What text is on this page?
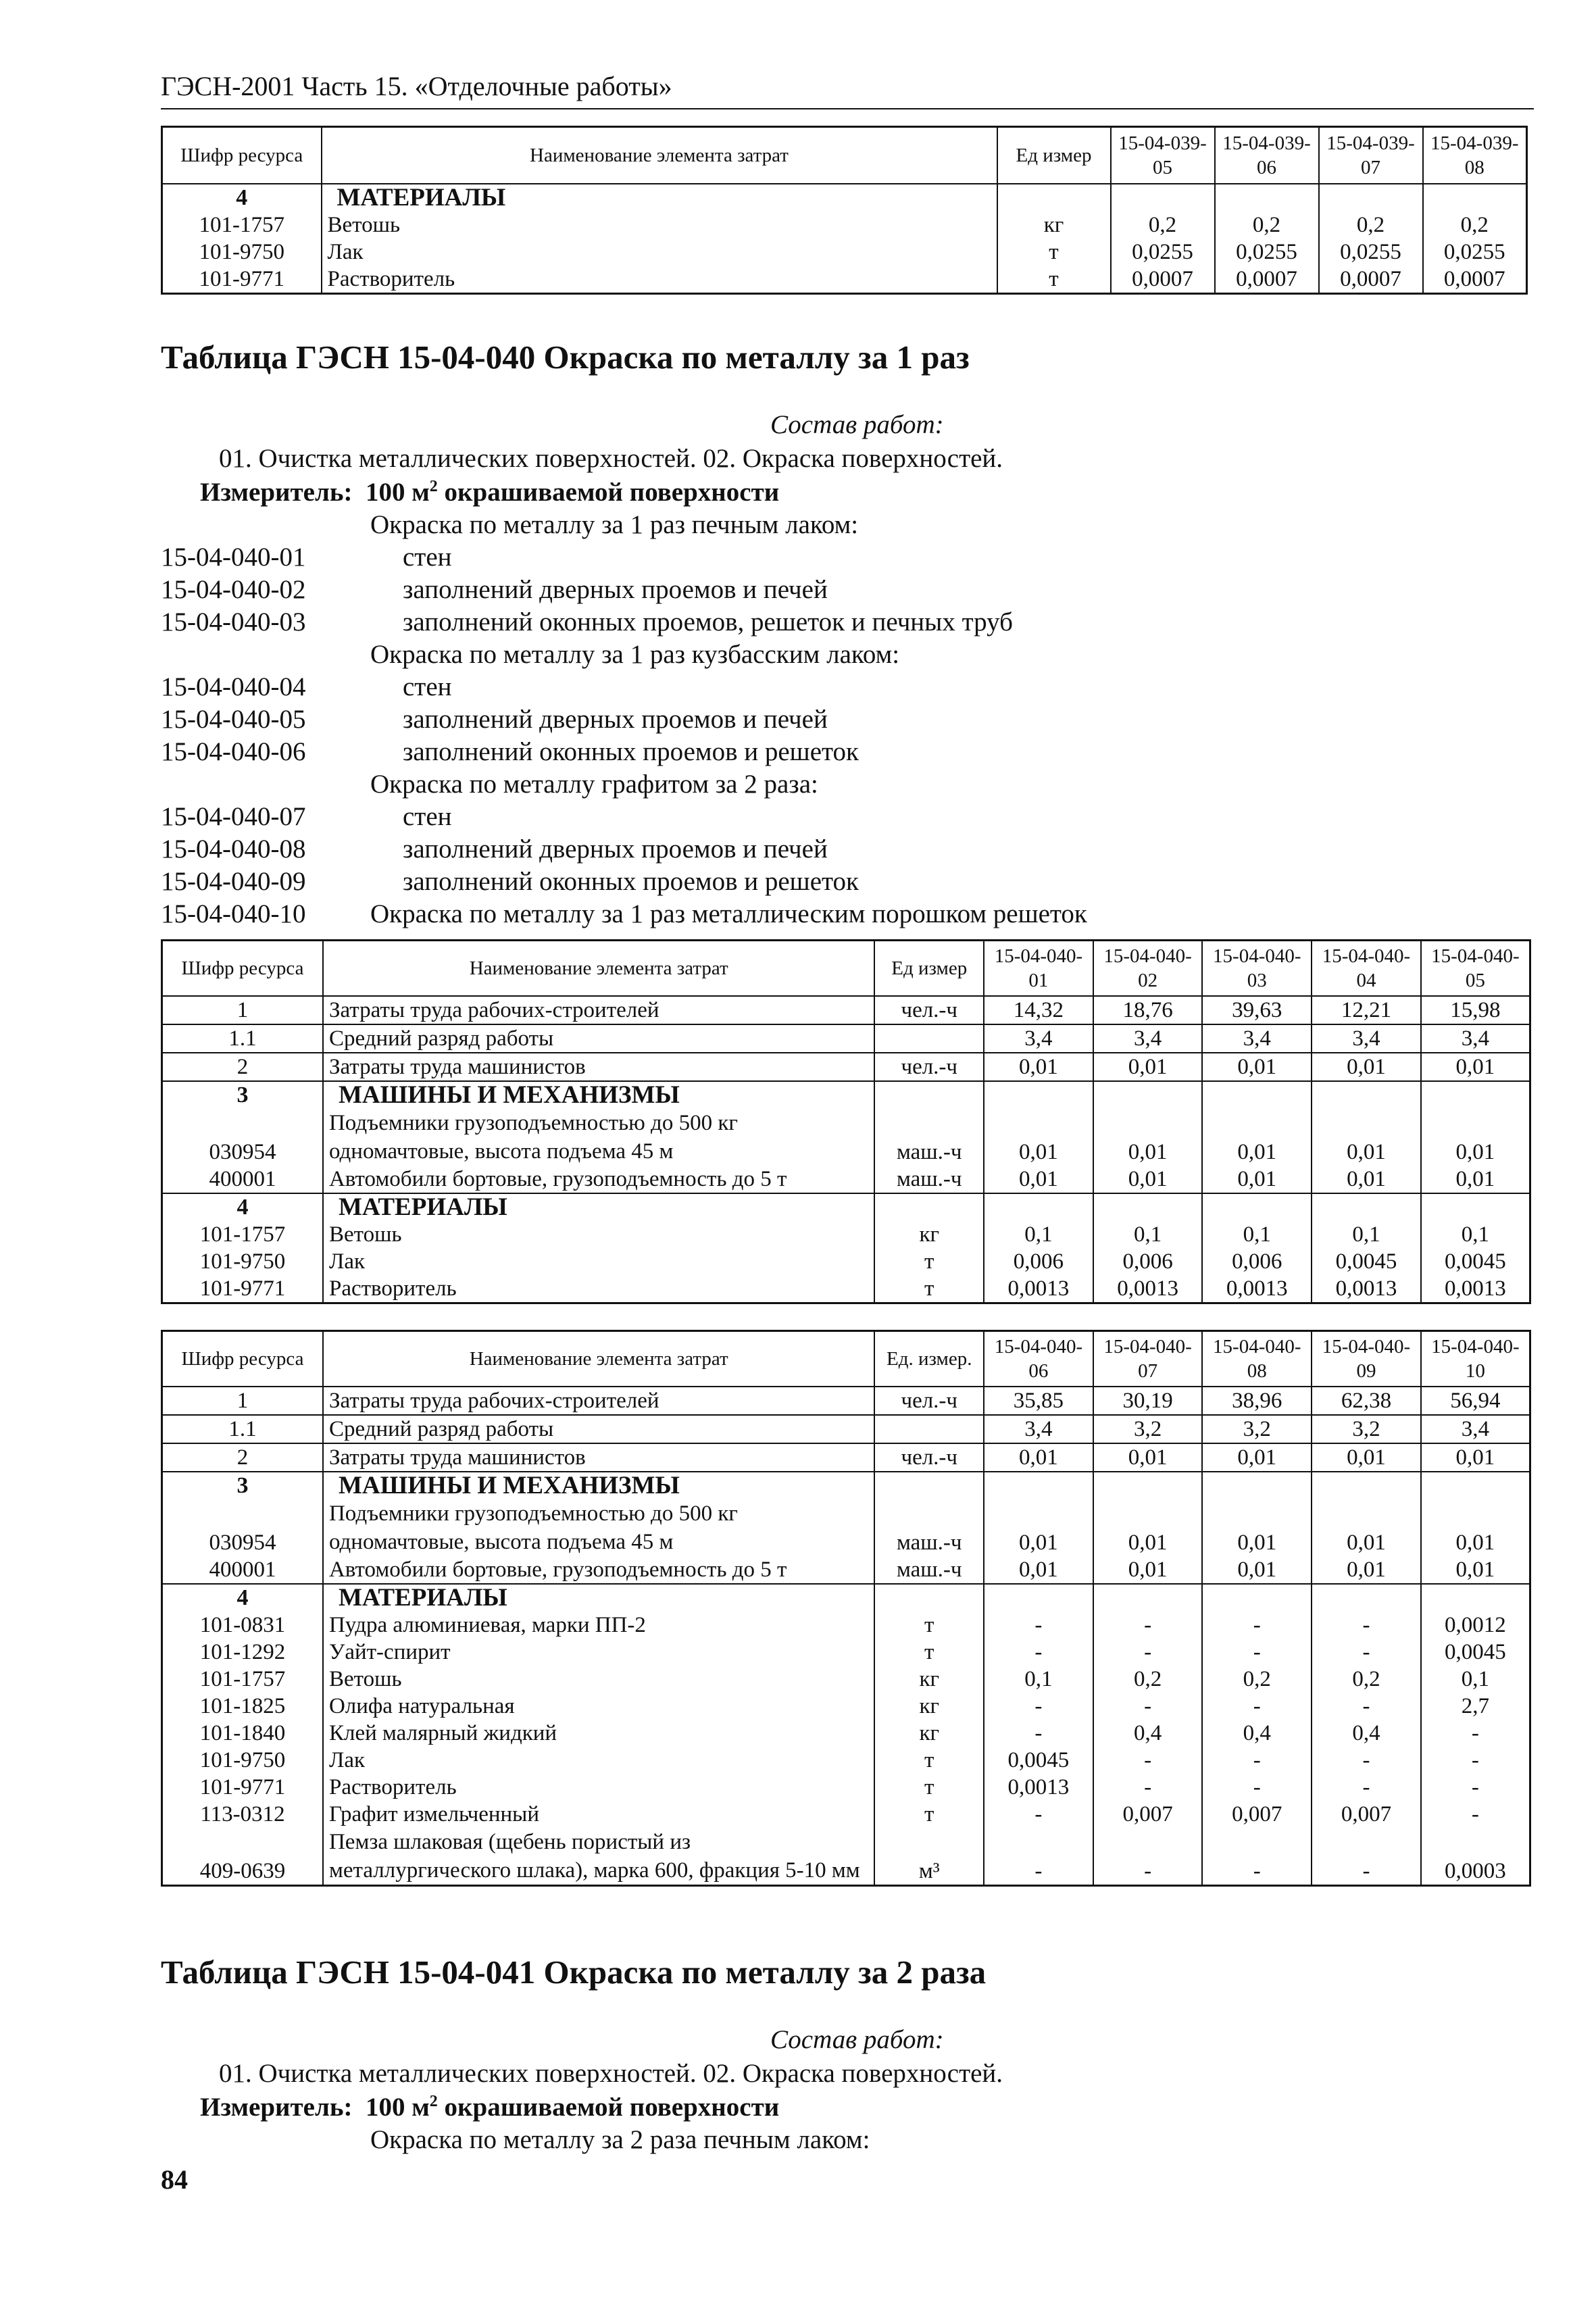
ГЭСН-2001 Часть 15. «Отделочные работы»
Шифр ресурса	Наименование элемента затрат	Ед измер	15-04-039-05	15-04-039-06	15-04-039-07	15-04-039-08
4	МАТЕРИАЛЫ					
101-1757	Ветошь	кг	0,2	0,2	0,2	0,2
101-9750	Лак	т	0,0255	0,0255	0,0255	0,0255
101-9771	Растворитель	т	0,0007	0,0007	0,0007	0,0007
Таблица ГЭСН 15-04-040 Окраска по металлу за 1 раз
Состав работ:
01. Очистка металлических поверхностей. 02. Окраска поверхностей.
Измеритель: 100 $м^2$ окрашиваемой поверхности
Окраска по металлу за 1 раз печным лаком:
15-04-040-01	стен
15-04-040-02	заполнений дверных проемов и печей
15-04-040-03	заполнений оконных проемов, решеток и печных труб
Окраска по металлу за 1 раз кузбасским лаком:
15-04-040-04	стен
15-04-040-05	заполнений дверных проемов и печей
15-04-040-06	заполнений оконных проемов и решеток
Окраска по металлу графитом за 2 раза:
15-04-040-07	стен
15-04-040-08	заполнений дверных проемов и печей
15-04-040-09	заполнений оконных проемов и решеток
15-04-040-10 Окраска по металлу за 1 раз металлическим порошком решеток
Шифр ресурса	Наименование элемента затрат	Ед измер	15-04-040-01	15-04-040-02	15-04-040-03	15-04-040-04	15-04-040-05
1	Затраты труда рабочих-строителей	чел.-ч	14,32	18,76	39,63	12,21	15,98
1.1	Средний разряд работы		3,4	3,4	3,4	3,4	3,4
2	Затраты труда машинистов	чел.-ч	0,01	0,01	0,01	0,01	0,01
3	МАШИНЫ И МЕХАНИЗМЫ						
030954	Подъемники грузоподъемностью до 500 кг одномачтовые, высота подъема 45 м	маш.-ч	0,01	0,01	0,01	0,01	0,01
400001	Автомобили бортовые, грузоподъемность до 5 т	маш.-ч	0,01	0,01	0,01	0,01	0,01
4	МАТЕРИАЛЫ						
101-1757	Ветошь	кг	0,1	0,1	0,1	0,1	0,1
101-9750	Лак	т	0,006	0,006	0,006	0,0045	0,0045
101-9771	Растворитель	т	0,0013	0,0013	0,0013	0,0013	0,0013
Шифр ресурса	Наименование элемента затрат	Ед. измер.	15-04-040-06	15-04-040-07	15-04-040-08	15-04-040-09	15-04-040-10
1	Затраты труда рабочих-строителей	чел.-ч	35,85	30,19	38,96	62,38	56,94
1.1	Средний разряд работы		3,4	3,2	3,2	3,2	3,4
2	Затраты труда машинистов	чел.-ч	0,01	0,01	0,01	0,01	0,01
3	МАШИНЫ И МЕХАНИЗМЫ						
030954	Подъемники грузоподъемностью до 500 кг одномачтовые, высота подъема 45 м	маш.-ч	0,01	0,01	0,01	0,01	0,01
400001	Автомобили бортовые, грузоподъемность до 5 т	маш.-ч	0,01	0,01	0,01	0,01	0,01
4	МАТЕРИАЛЫ						
101-0831	Пудра алюминиевая, марки ПП-2	т	-	-	-	-	0,0012
101-1292	Уайт-спирит	т	-	-	-	-	0,0045
101-1757	Ветошь	кг	0,1	0,2	0,2	0,2	0,1
101-1825	Олифа натуральная	кг	-	-	-	-	2,7
101-1840	Клей малярный жидкий	кг	-	0,4	0,4	0,4	-
101-9750	Лак	т	0,0045	-	-	-	-
101-9771	Растворитель	т	0,0013	-	-	-	-
113-0312	Графит измельченный	т	-	0,007	0,007	0,007	-
409-0639	Пемза шлаковая (щебень пористый из металлургического шлака), марка 600, фракция 5-10 мм	м³	-	-	-	-	0,0003
Таблица ГЭСН 15-04-041 Окраска по металлу за 2 раза
Состав работ:
01. Очистка металлических поверхностей. 02. Окраска поверхностей.
Измеритель: 100 $м^2$ окрашиваемой поверхности
Окраска по металлу за 2 раза печным лаком:
84
